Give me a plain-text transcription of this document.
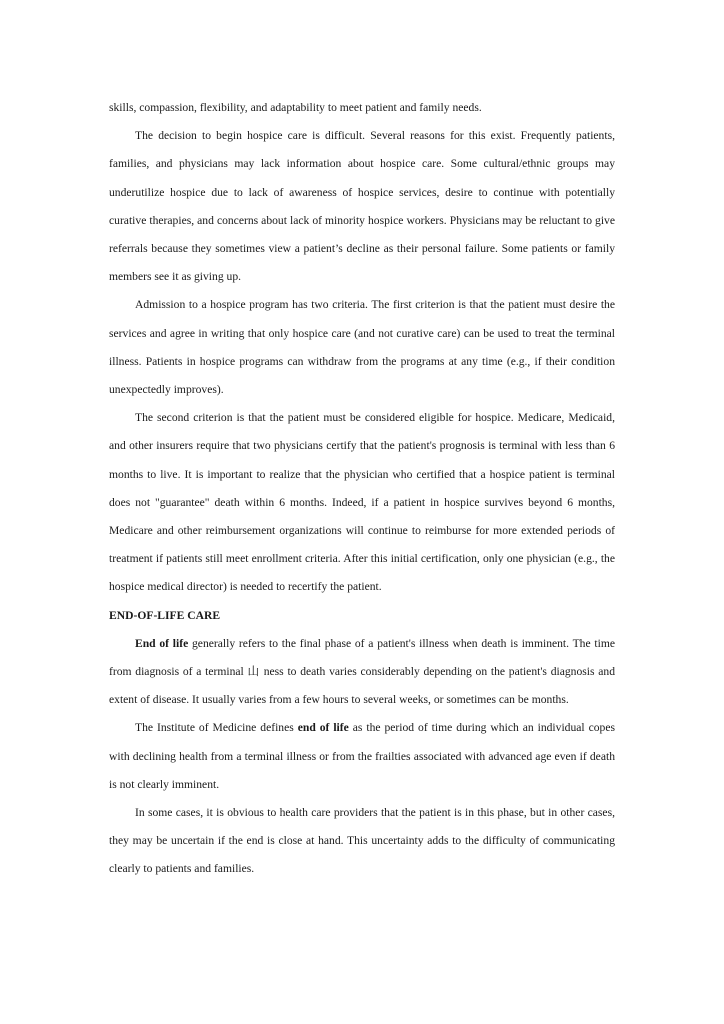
skills, compassion, flexibility, and adaptability to meet patient and family needs.

The decision to begin hospice care is difficult. Several reasons for this exist. Frequently patients, families, and physicians may lack information about hospice care. Some cultural/ethnic groups may underutilize hospice due to lack of awareness of hospice services, desire to continue with potentially curative therapies, and concerns about lack of minority hospice workers. Physicians may be reluctant to give referrals because they sometimes view a patient’s decline as their personal failure. Some patients or family members see it as giving up.

Admission to a hospice program has two criteria. The first criterion is that the patient must desire the services and agree in writing that only hospice care (and not curative care) can be used to treat the terminal illness. Patients in hospice programs can withdraw from the programs at any time (e.g., if their condition unexpectedly improves).

The second criterion is that the patient must be considered eligible for hospice. Medicare, Medicaid, and other insurers require that two physicians certify that the patient's prognosis is terminal with less than 6 months to live. It is important to realize that the physician who certified that a hospice patient is terminal does not "guarantee" death within 6 months. Indeed, if a patient in hospice survives beyond 6 months, Medicare and other reimbursement organizations will continue to reimburse for more extended periods of treatment if patients still meet enrollment criteria. After this initial certification, only one physician (e.g., the hospice medical director) is needed to recertify the patient.

END-OF-LIFE CARE

End of life generally refers to the final phase of a patient's illness when death is imminent. The time from diagnosis of a terminal 山 ness to death varies considerably depending on the patient's diagnosis and extent of disease. It usually varies from a few hours to several weeks, or sometimes can be months.

The Institute of Medicine defines end of life as the period of time during which an individual copes with declining health from a terminal illness or from the frailties associated with advanced age even if death is not clearly imminent.

In some cases, it is obvious to health care providers that the patient is in this phase, but in other cases, they may be uncertain if the end is close at hand. This uncertainty adds to the difficulty of communicating clearly to patients and families.
